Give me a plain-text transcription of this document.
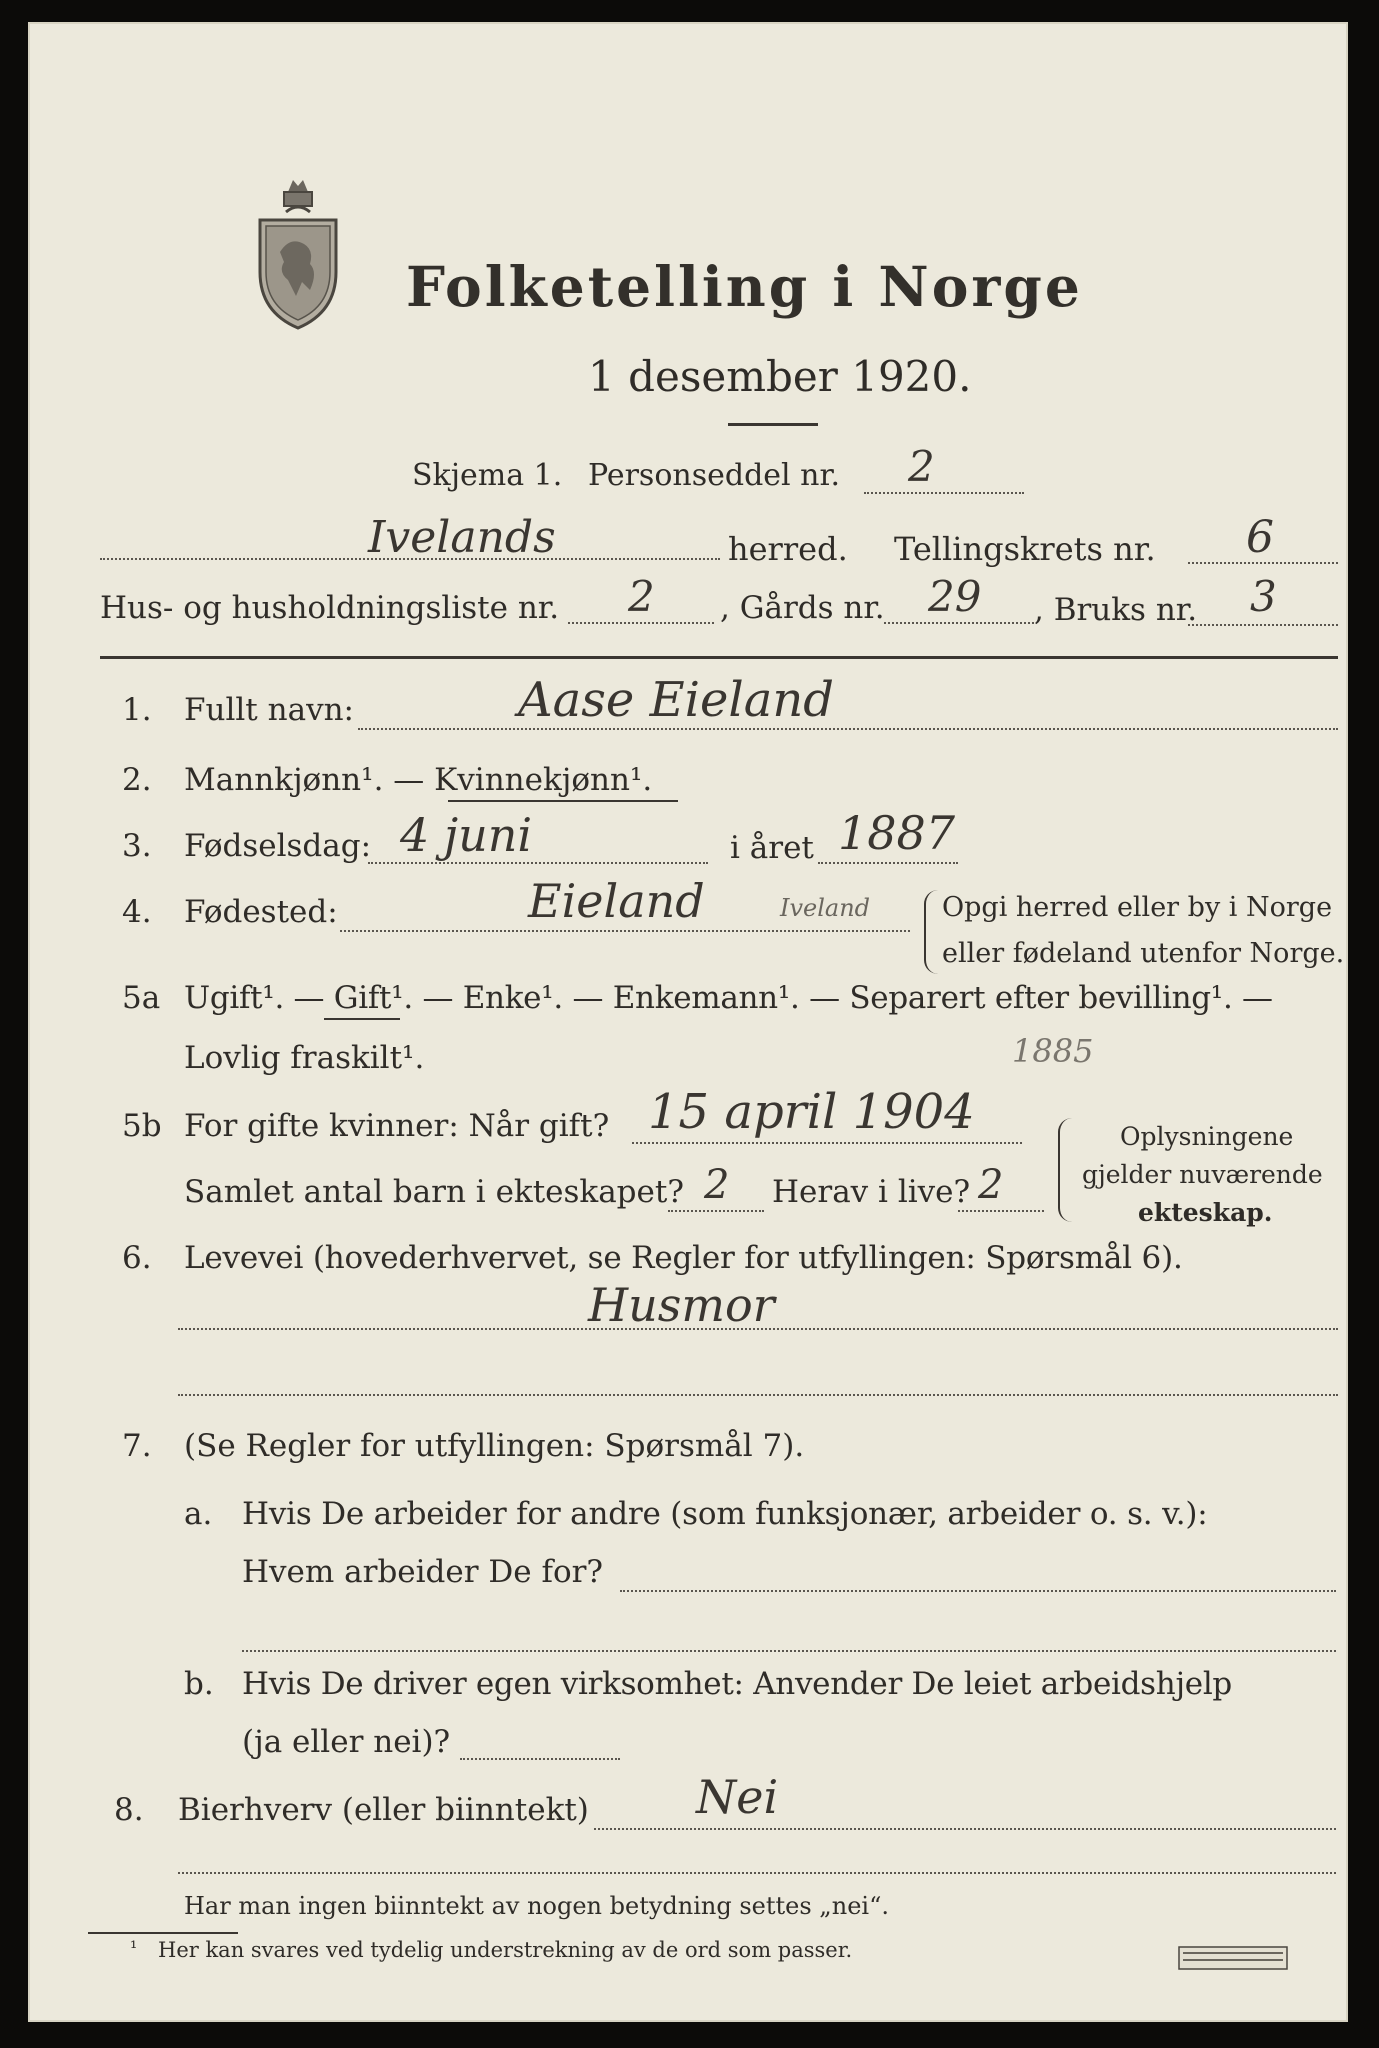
Folketelling i Norge
1 desember 1920.
Skjema 1. Personseddel nr. 2
Ivelands	herred. Tellingskrets nr. 6
Hus- og husholdningsliste nr. 2 , Gårds nr. 29 , Bruks nr. 3
1. Fullt navn:	Aase Eieland
2. Mannkjønn¹. — Kvinnekjønn¹.
3. Fødselsdag: 4 juni	i året 1887
4. Fødested:	Eieland	Iveland	Opgi herred eller by i Norge
eller fødeland utenfor Norge.
5a Ugift¹. — Gift¹. — Enke¹. — Enkemann¹. — Separert efter bevilling¹. —
Lovlig fraskilt¹.	1885
5b For gifte kvinner: Når gift? 15 april 1904
Samlet antal barn i ekteskapet? 2 Herav i live? 2
Oplysningene
gjelder nuværende
ekteskap.
6. Levevei (hovederhvervet, se Regler for utfyllingen: Spørsmål 6).
Husmor
7. (Se Regler for utfyllingen: Spørsmål 7).
a. Hvis De arbeider for andre (som funksjonær, arbeider o. s. v.):
Hvem arbeider De for?
b. Hvis De driver egen virksomhet: Anvender De leiet arbeidshjelp
(ja eller nei)?
8. Bierhverv (eller biinntekt) Nei
Har man ingen biinntekt av nogen betydning settes „nei“.
¹ Her kan svares ved tydelig understrekning av de ord som passer.
